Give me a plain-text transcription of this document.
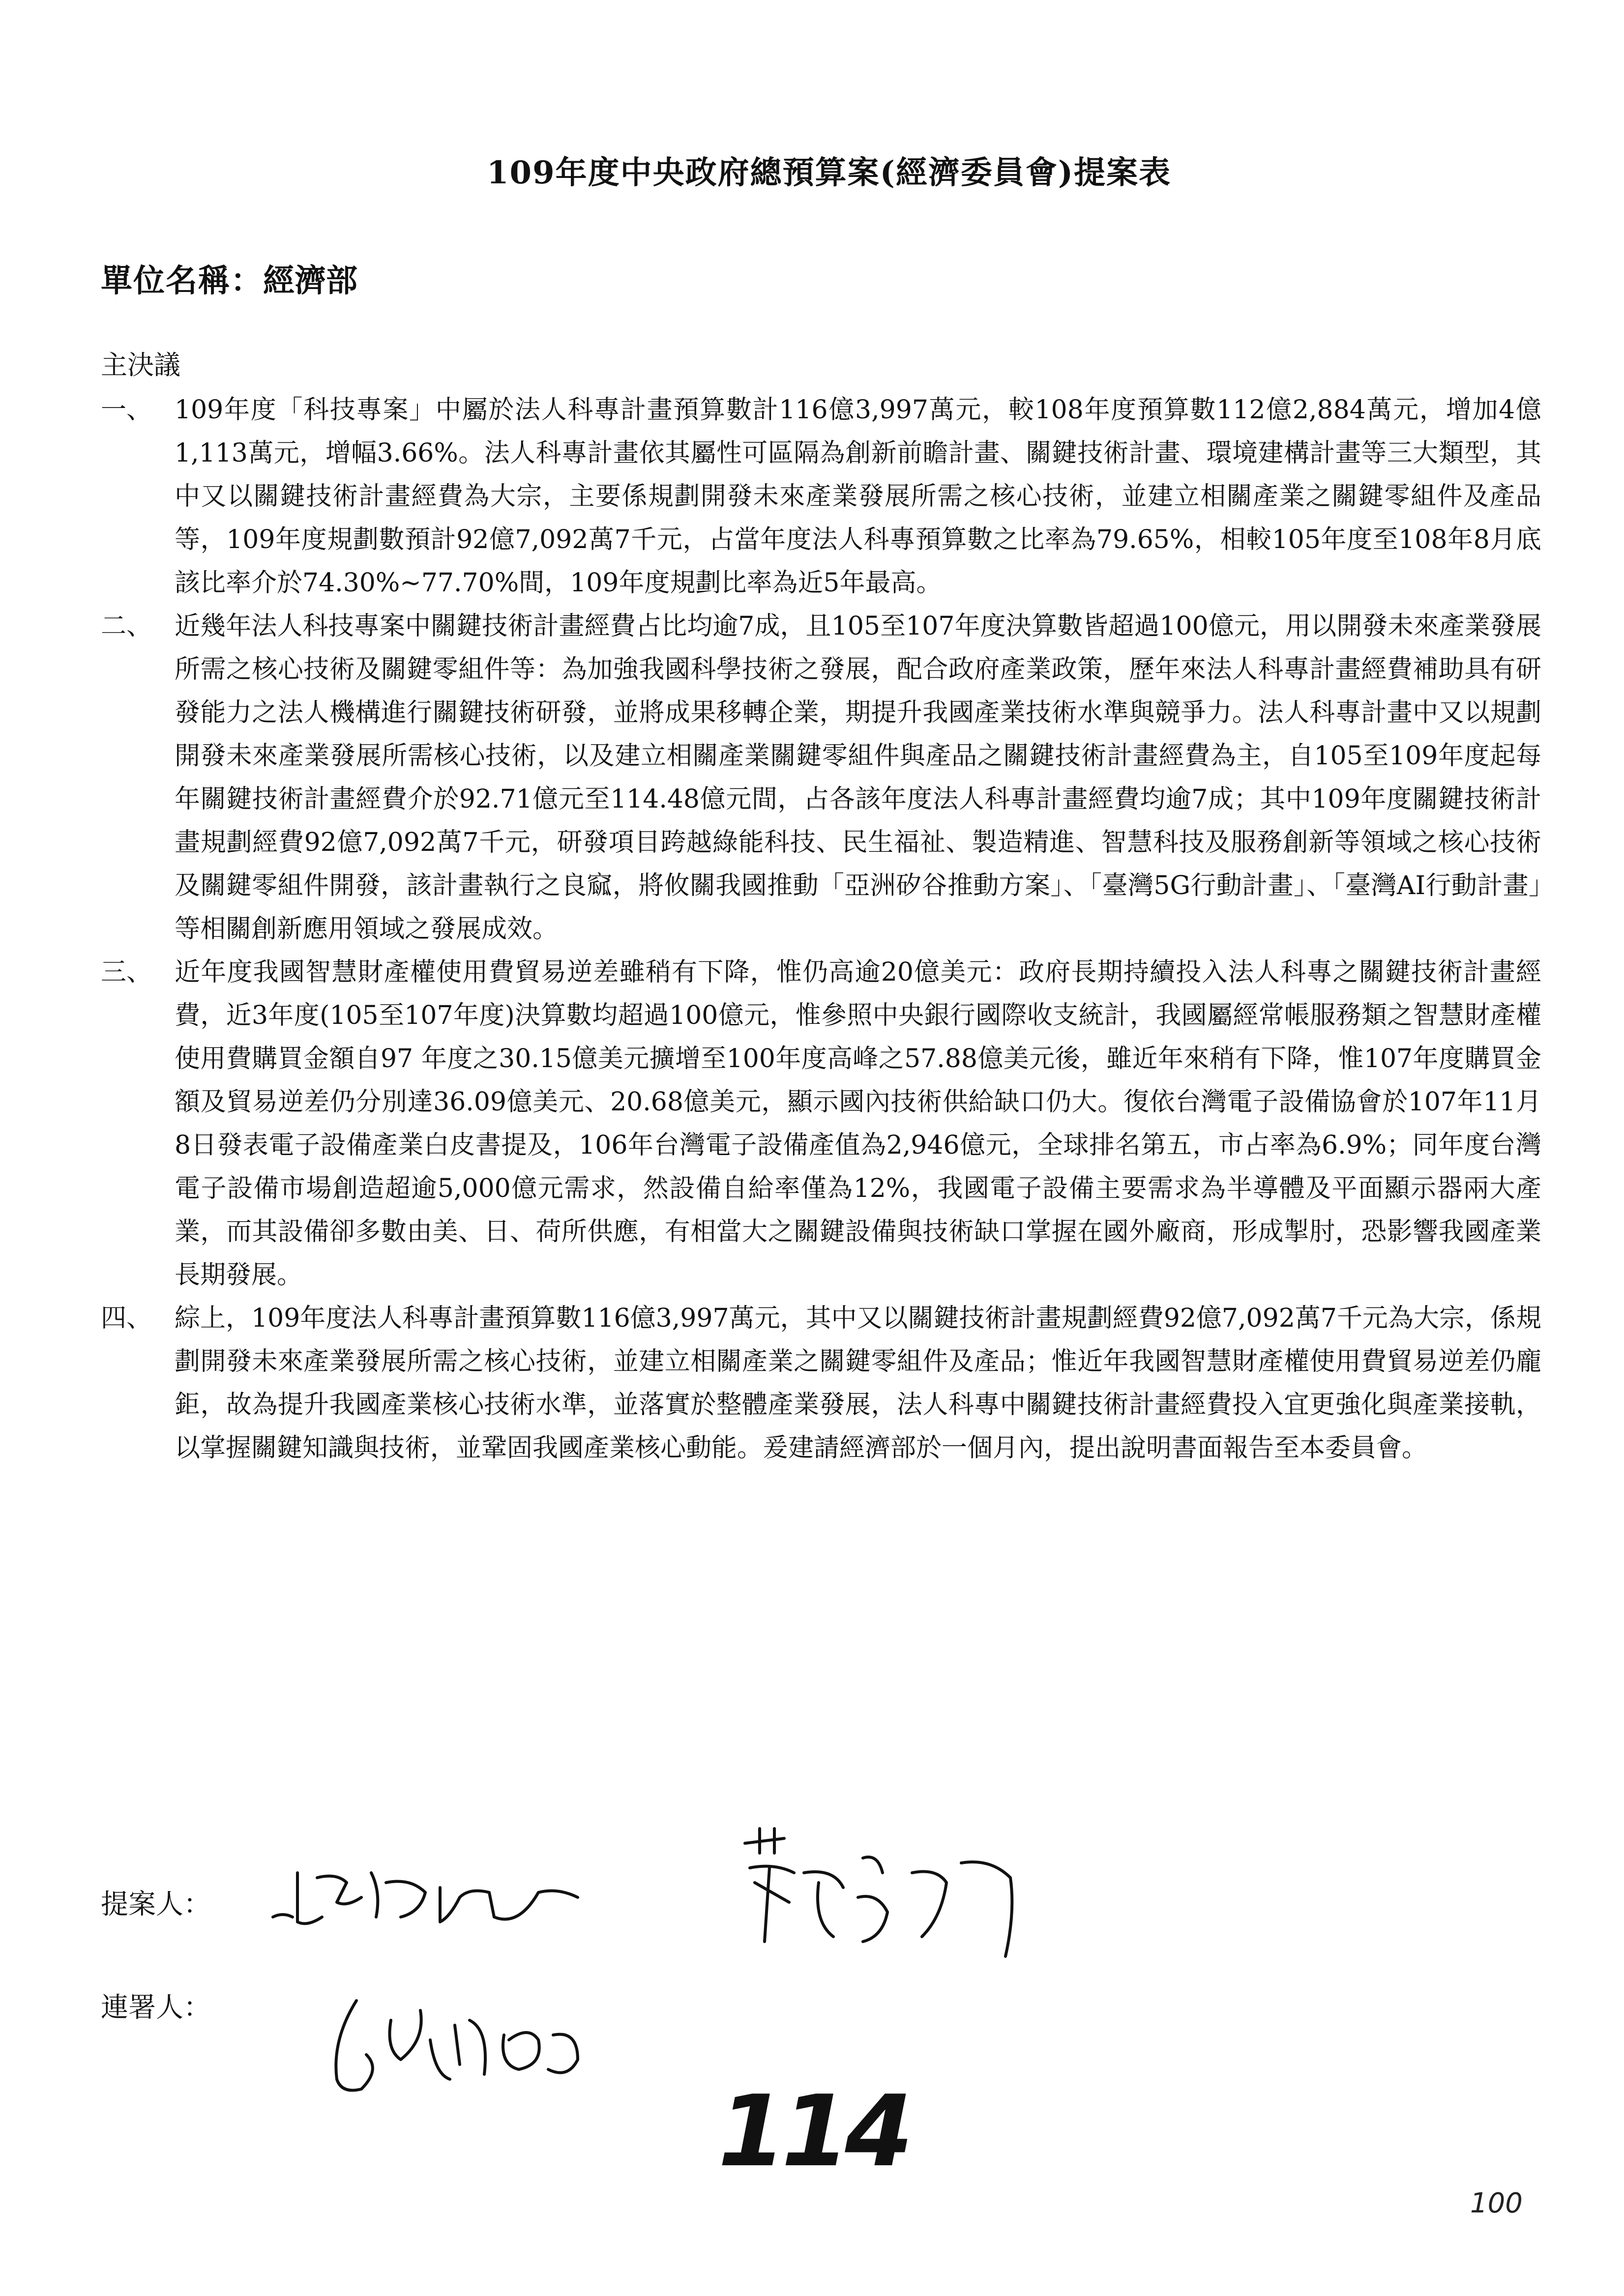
109年度中央政府總預算案(經濟委員會)提案表
單位名稱：經濟部
主決議

一、 109年度「科技專案」中屬於法人科專計畫預算數計116億3,997萬元，較108年度預算數112億2,884萬元，增加4億1,113萬元，增幅3.66%。法人科專計畫依其屬性可區隔為創新前瞻計畫、關鍵技術計畫、環境建構計畫等三大類型，其中又以關鍵技術計畫經費為大宗，主要係規劃開發未來產業發展所需之核心技術，並建立相關產業之關鍵零組件及產品等，109年度規劃數預計92億7,092萬7千元，占當年度法人科專預算數之比率為79.65%，相較105年度至108年8月底該比率介於74.30%~77.70%間，109年度規劃比率為近5年最高。

二、 近幾年法人科技專案中關鍵技術計畫經費占比均逾7成，且105至107年度決算數皆超過100億元，用以開發未來產業發展所需之核心技術及關鍵零組件等：為加強我國科學技術之發展，配合政府產業政策，歷年來法人科專計畫經費補助具有研發能力之法人機構進行關鍵技術研發，並將成果移轉企業，期提升我國產業技術水準與競爭力。法人科專計畫中又以規劃開發未來產業發展所需核心技術，以及建立相關產業關鍵零組件與產品之關鍵技術計畫經費為主，自105至109年度起每年關鍵技術計畫經費介於92.71億元至114.48億元間，占各該年度法人科專計畫經費均逾7成；其中109年度關鍵技術計畫規劃經費92億7,092萬7千元，研發項目跨越綠能科技、民生福祉、製造精進、智慧科技及服務創新等領域之核心技術及關鍵零組件開發，該計畫執行之良窳，將攸關我國推動「亞洲矽谷推動方案」、「臺灣5G行動計畫」、「臺灣AI行動計畫」等相關創新應用領域之發展成效。

三、 近年度我國智慧財產權使用費貿易逆差雖稍有下降，惟仍高逾20億美元：政府長期持續投入法人科專之關鍵技術計畫經費，近3年度(105至107年度)決算數均超過100億元，惟參照中央銀行國際收支統計，我國屬經常帳服務類之智慧財產權使用費購買金額自97 年度之30.15億美元擴增至100年度高峰之57.88億美元後，雖近年來稍有下降，惟107年度購買金額及貿易逆差仍分別達36.09億美元、20.68億美元，顯示國內技術供給缺口仍大。復依台灣電子設備協會於107年11月8日發表電子設備產業白皮書提及，106年台灣電子設備產值為2,946億元，全球排名第五，市占率為6.9%；同年度台灣電子設備市場創造超逾5,000億元需求，然設備自給率僅為12%，我國電子設備主要需求為半導體及平面顯示器兩大產業，而其設備卻多數由美、日、荷所供應，有相當大之關鍵設備與技術缺口掌握在國外廠商，形成掣肘，恐影響我國產業長期發展。

四、 綜上，109年度法人科專計畫預算數116億3,997萬元，其中又以關鍵技術計畫規劃經費92億7,092萬7千元為大宗，係規劃開發未來產業發展所需之核心技術，並建立相關產業之關鍵零組件及產品；惟近年我國智慧財產權使用費貿易逆差仍龐鉅，故為提升我國產業核心技術水準，並落實於整體產業發展，法人科專中關鍵技術計畫經費投入宜更強化與產業接軌，以掌握關鍵知識與技術，並鞏固我國產業核心動能。爰建請經濟部於一個月內，提出說明書面報告至本委員會。

提案人：
連署人：
114
100
